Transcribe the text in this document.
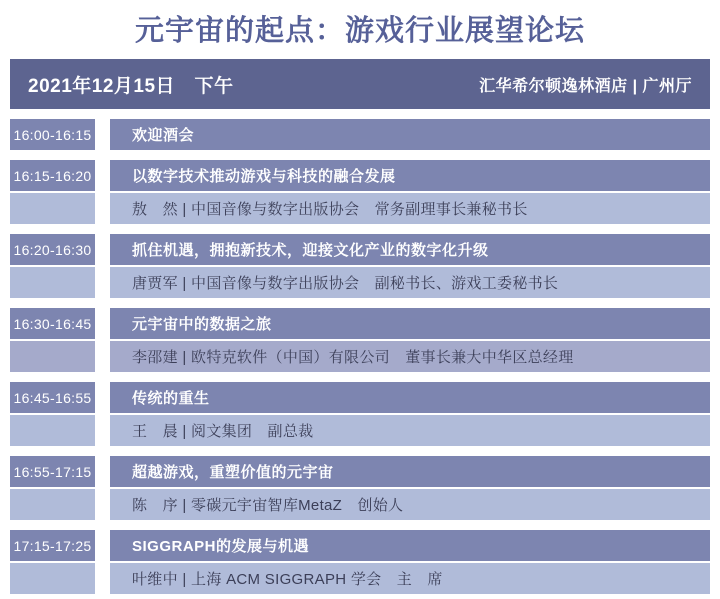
元宇宙的起点：游戏行业展望论坛
2021年12月15日　下午	汇华希尔顿逸林酒店 | 广州厅
16:00-16:15	欢迎酒会
16:15-16:20	以数字技术推动游戏与科技的融合发展
敖　然 | 中国音像与数字出版协会　常务副理事长兼秘书长
16:20-16:30	抓住机遇，拥抱新技术，迎接文化产业的数字化升级
唐贾军 | 中国音像与数字出版协会　副秘书长、游戏工委秘书长
16:30-16:45	元宇宙中的数据之旅
李邵建 | 欧特克软件（中国）有限公司　董事长兼大中华区总经理
16:45-16:55	传统的重生
王　晨 | 阅文集团　副总裁
16:55-17:15	超越游戏，重塑价值的元宇宙
陈　序 | 零碳元宇宙智库MetaZ　创始人
17:15-17:25	SIGGRAPH的发展与机遇
叶维中 | 上海 ACM SIGGRAPH 学会　主　席
